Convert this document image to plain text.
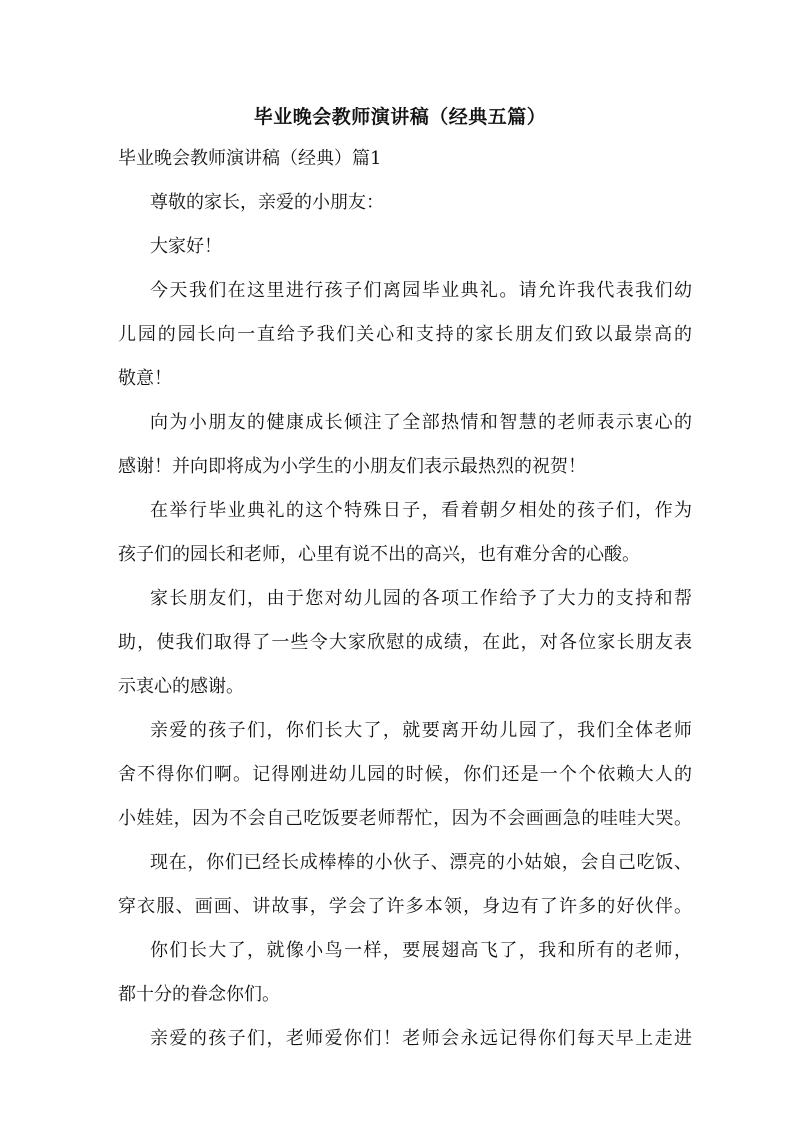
毕业晚会教师演讲稿（经典五篇）
毕业晚会教师演讲稿（经典）篇1
尊敬的家长，亲爱的小朋友：
大家好！
今天我们在这里进行孩子们离园毕业典礼。请允许我代表我们幼
儿园的园长向一直给予我们关心和支持的家长朋友们致以最崇高的
敬意！
向为小朋友的健康成长倾注了全部热情和智慧的老师表示衷心的
感谢！并向即将成为小学生的小朋友们表示最热烈的祝贺！
在举行毕业典礼的这个特殊日子，看着朝夕相处的孩子们，作为
孩子们的园长和老师，心里有说不出的高兴，也有难分舍的心酸。
家长朋友们，由于您对幼儿园的各项工作给予了大力的支持和帮
助，使我们取得了一些令大家欣慰的成绩，在此，对各位家长朋友表
示衷心的感谢。
亲爱的孩子们，你们长大了，就要离开幼儿园了，我们全体老师
舍不得你们啊。记得刚进幼儿园的时候，你们还是一个个依赖大人的
小娃娃，因为不会自己吃饭要老师帮忙，因为不会画画急的哇哇大哭。
现在，你们已经长成棒棒的小伙子、漂亮的小姑娘，会自己吃饭、
穿衣服、画画、讲故事，学会了许多本领，身边有了许多的好伙伴。
你们长大了，就像小鸟一样，要展翅高飞了，我和所有的老师，
都十分的眷念你们。
亲爱的孩子们，老师爱你们！老师会永远记得你们每天早上走进
